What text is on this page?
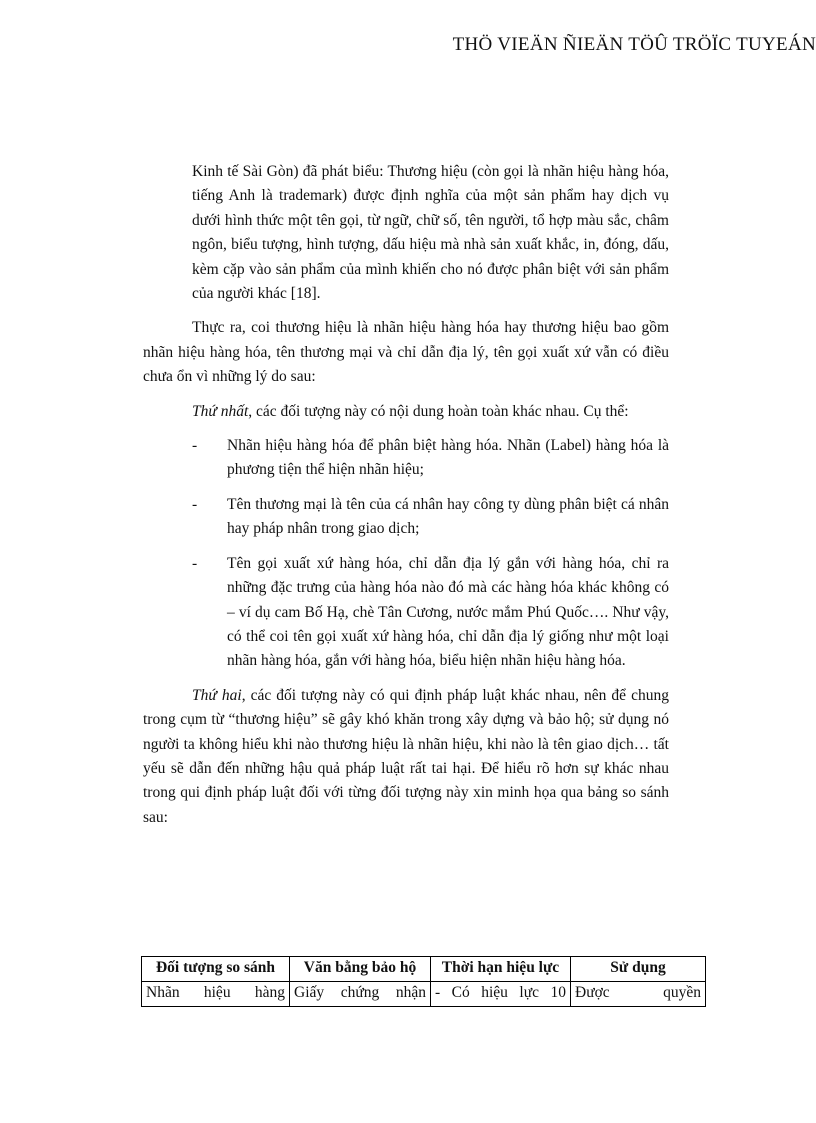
THÖ VIEÄN ÑIEÄN TÖÛ TRÖÏC TUYEÁN

Kinh tế Sài Gòn) đã phát biểu: Thương hiệu (còn gọi là nhãn hiệu hàng hóa, tiếng Anh là trademark) được định nghĩa của một sản phẩm hay dịch vụ dưới hình thức một tên gọi, từ ngữ, chữ số, tên người, tổ hợp màu sắc, châm ngôn, biểu tượng, hình tượng, dấu hiệu mà nhà sản xuất khắc, in, đóng, dấu, kèm cặp vào sản phẩm của mình khiến cho nó được phân biệt với sản phẩm của người khác [18].

Thực ra, coi thương hiệu là nhãn hiệu hàng hóa hay thương hiệu bao gồm nhãn hiệu hàng hóa, tên thương mại và chỉ dẫn địa lý, tên gọi xuất xứ vẫn có điều chưa ổn vì những lý do sau:

Thứ nhất, các đối tượng này có nội dung hoàn toàn khác nhau. Cụ thể:

- Nhãn hiệu hàng hóa để phân biệt hàng hóa. Nhãn (Label) hàng hóa là phương tiện thể hiện nhãn hiệu;
- Tên thương mại là tên của cá nhân hay công ty dùng phân biệt cá nhân hay pháp nhân trong giao dịch;
- Tên gọi xuất xứ hàng hóa, chỉ dẫn địa lý gắn với hàng hóa, chỉ ra những đặc trưng của hàng hóa nào đó mà các hàng hóa khác không có – ví dụ cam Bố Hạ, chè Tân Cương, nước mắm Phú Quốc…. Như vậy, có thể coi tên gọi xuất xứ hàng hóa, chỉ dẫn địa lý giống như một loại nhãn hàng hóa, gắn với hàng hóa, biểu hiện nhãn hiệu hàng hóa.

Thứ hai, các đối tượng này có qui định pháp luật khác nhau, nên để chung trong cụm từ “thương hiệu” sẽ gây khó khăn trong xây dựng và bảo hộ; sử dụng nó người ta không hiểu khi nào thương hiệu là nhãn hiệu, khi nào là tên giao dịch… tất yếu sẽ dẫn đến những hậu quả pháp luật rất tai hại. Để hiểu rõ hơn sự khác nhau trong qui định pháp luật đối với từng đối tượng này xin minh họa qua bảng so sánh sau:

Đối tượng so sánh	Văn bằng bảo hộ	Thời hạn hiệu lực	Sử dụng
Nhãn hiệu hàng	Giấy chứng nhận	- Có hiệu lực 10	Được quyền
